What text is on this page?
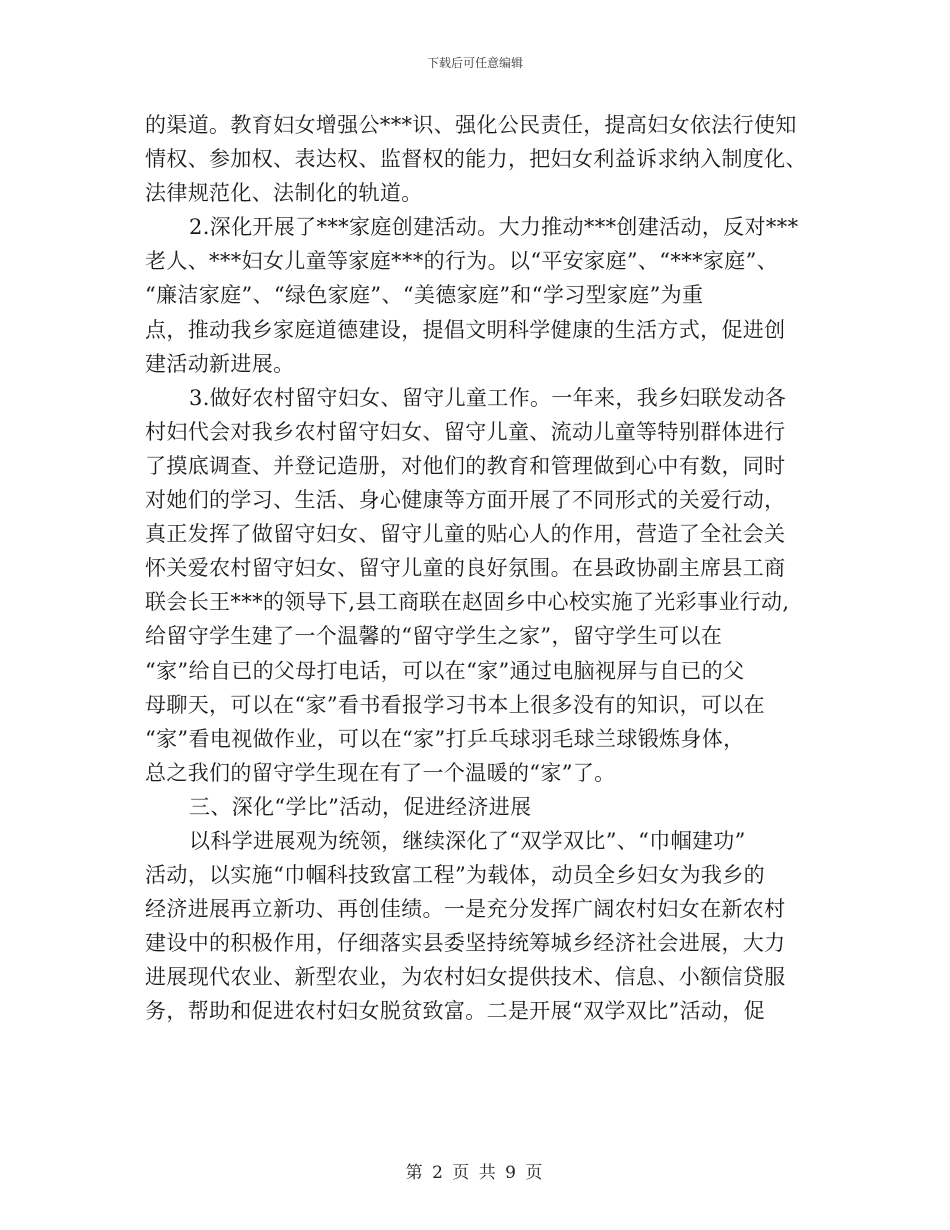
下载后可任意编辑
的渠道。教育妇女增强公***识、强化公民责任，提高妇女依法行使知
情权、参加权、表达权、监督权的能力，把妇女利益诉求纳入制度化、
法律规范化、法制化的轨道。
2.深化开展了***家庭创建活动。大力推动***创建活动，反对***
老人、***妇女儿童等家庭***的行为。以“平安家庭”、“***家庭”、
“廉洁家庭”、“绿色家庭”、“美德家庭”和“学习型家庭”为重
点，推动我乡家庭道德建设，提倡文明科学健康的生活方式，促进创
建活动新进展。
3.做好农村留守妇女、留守儿童工作。一年来，我乡妇联发动各
村妇代会对我乡农村留守妇女、留守儿童、流动儿童等特别群体进行
了摸底调查、并登记造册，对他们的教育和管理做到心中有数，同时
对她们的学习、生活、身心健康等方面开展了不同形式的关爱行动，
真正发挥了做留守妇女、留守儿童的贴心人的作用，营造了全社会关
怀关爱农村留守妇女、留守儿童的良好氛围。在县政协副主席县工商
联会长王***的领导下,县工商联在赵固乡中心校实施了光彩事业行动,
给留守学生建了一个温馨的“留守学生之家”，留守学生可以在
“家”给自已的父母打电话，可以在“家”通过电脑视屏与自已的父
母聊天，可以在“家”看书看报学习书本上很多没有的知识，可以在
“家”看电视做作业，可以在“家”打乒乓球羽毛球兰球锻炼身体，
总之我们的留守学生现在有了一个温暖的“家”了。
三、深化“学比”活动，促进经济进展
以科学进展观为统领，继续深化了“双学双比”、“巾帼建功”
活动，以实施“巾帼科技致富工程”为载体，动员全乡妇女为我乡的
经济进展再立新功、再创佳绩。一是充分发挥广阔农村妇女在新农村
建设中的积极作用，仔细落实县委坚持统筹城乡经济社会进展，大力
进展现代农业、新型农业，为农村妇女提供技术、信息、小额信贷服
务，帮助和促进农村妇女脱贫致富。二是开展“双学双比”活动，促
第 2 页 共 9 页
